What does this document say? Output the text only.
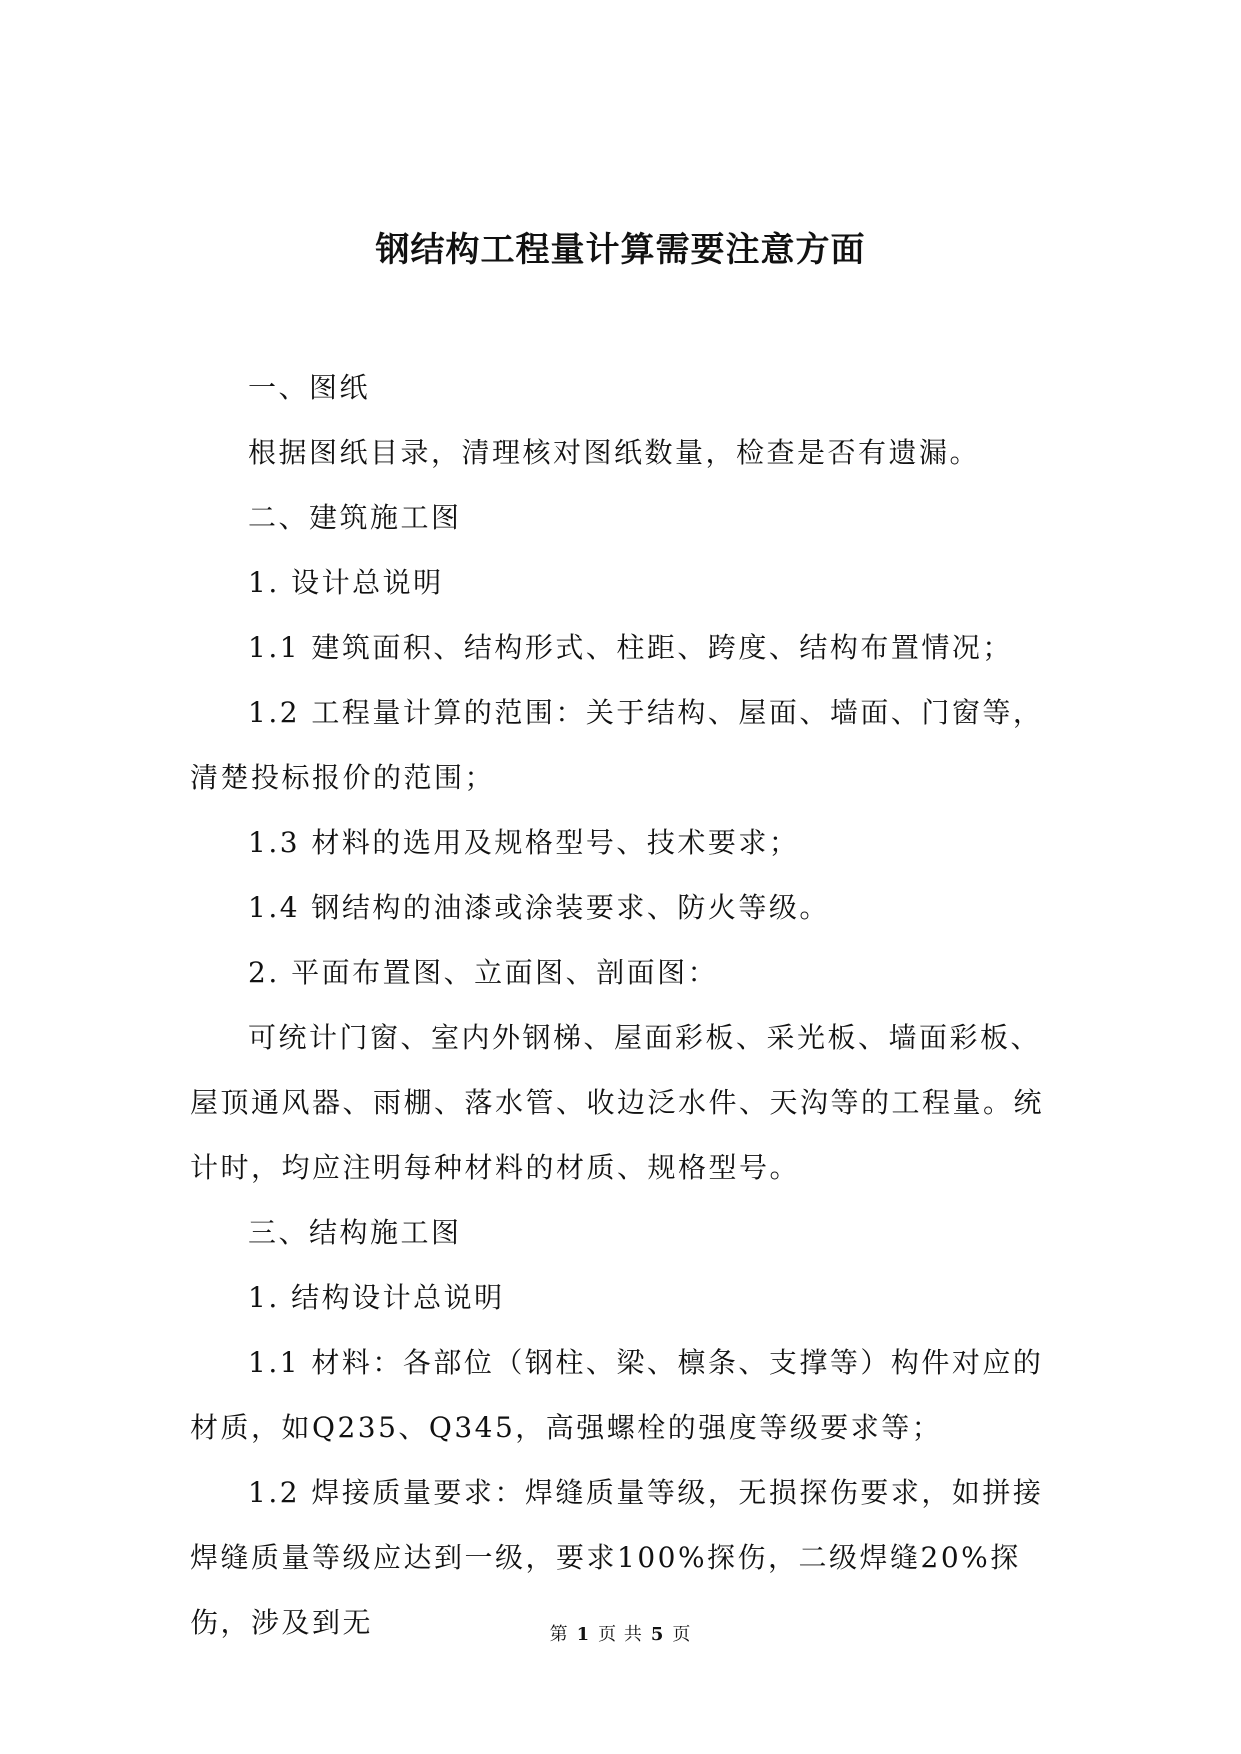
钢结构工程量计算需要注意方面

一、图纸

根据图纸目录，清理核对图纸数量，检查是否有遗漏。

二、建筑施工图

1. 设计总说明

1.1 建筑面积、结构形式、柱距、跨度、结构布置情况；

1.2 工程量计算的范围：关于结构、屋面、墙面、门窗等，清楚投标报价的范围；

1.3 材料的选用及规格型号、技术要求；

1.4 钢结构的油漆或涂装要求、防火等级。

2. 平面布置图、立面图、剖面图：

可统计门窗、室内外钢梯、屋面彩板、采光板、墙面彩板、屋顶通风器、雨棚、落水管、收边泛水件、天沟等的工程量。统计时，均应注明每种材料的材质、规格型号。

三、结构施工图

1. 结构设计总说明

1.1 材料：各部位（钢柱、梁、檩条、支撑等）构件对应的材质，如Q235、Q345，高强螺栓的强度等级要求等；

1.2 焊接质量要求：焊缝质量等级，无损探伤要求，如拼接焊缝质量等级应达到一级，要求100%探伤，二级焊缝20%探伤，涉及到无	第 1 页 共 5 页
